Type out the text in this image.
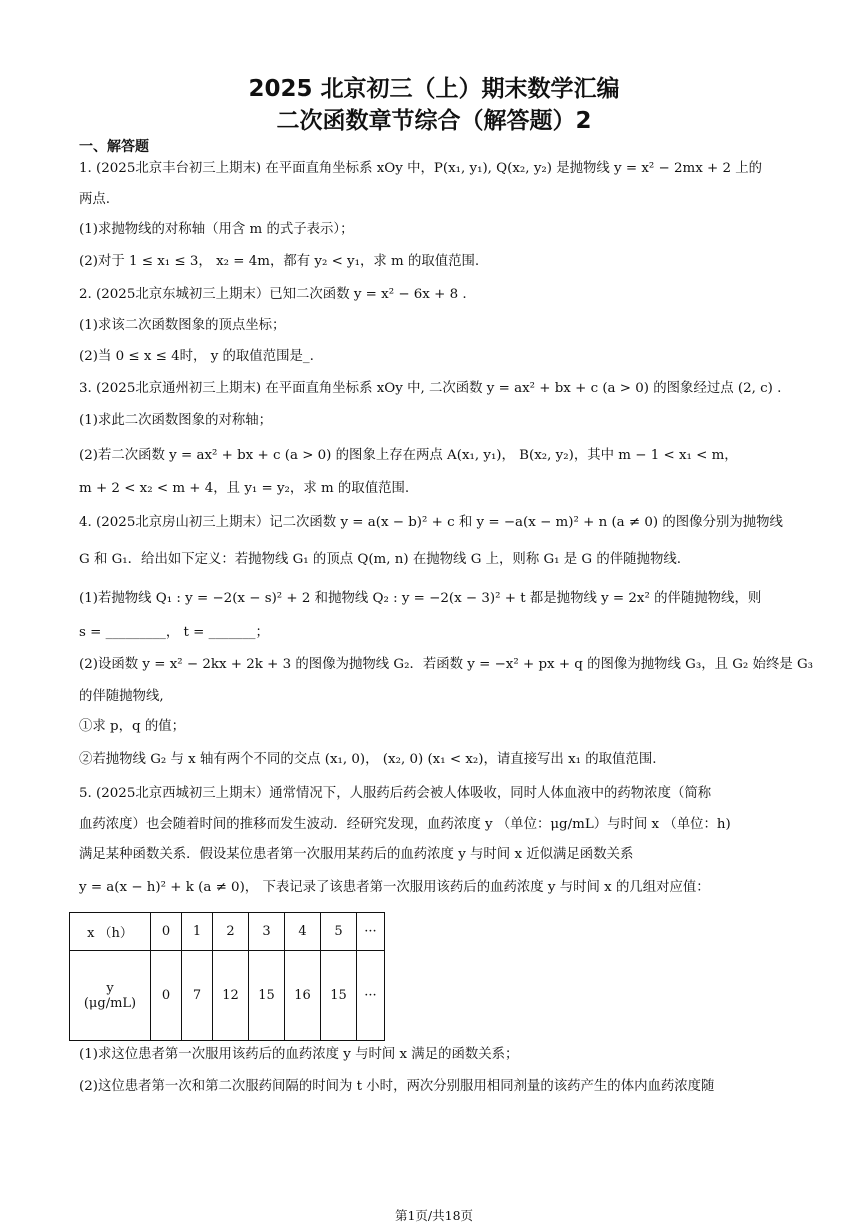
2025 北京初三（上）期末数学汇编
二次函数章节综合（解答题）2
一、解答题
1. (2025北京丰台初三上期末) 在平面直角坐标系 xOy 中，P(x₁, y₁), Q(x₂, y₂) 是抛物线 y = x² − 2mx + 2 上的
两点.
(1)求抛物线的对称轴（用含 m 的式子表示）；
(2)对于 1 ≤ x₁ ≤ 3， x₂ = 4m，都有 y₂ < y₁，求 m 的取值范围.
2. (2025北京东城初三上期末）已知二次函数 y = x² − 6x + 8 .
(1)求该二次函数图象的顶点坐标；
(2)当 0 ≤ x ≤ 4时， y 的取值范围是_.
3. (2025北京通州初三上期末) 在平面直角坐标系 xOy 中, 二次函数 y = ax² + bx + c (a > 0) 的图象经过点 (2, c) .
(1)求此二次函数图象的对称轴；
(2)若二次函数 y = ax² + bx + c (a > 0) 的图象上存在两点 A(x₁, y₁)， B(x₂, y₂)，其中 m − 1 < x₁ < m，
m + 2 < x₂ < m + 4，且 y₁ = y₂，求 m 的取值范围.
4. (2025北京房山初三上期末）记二次函数 y = a(x − b)² + c 和 y = −a(x − m)² + n (a ≠ 0) 的图像分别为抛物线
G 和 G₁．给出如下定义：若抛物线 G₁ 的顶点 Q(m, n) 在抛物线 G 上，则称 G₁ 是 G 的伴随抛物线.
(1)若抛物线 Q₁ : y = −2(x − s)² + 2 和抛物线 Q₂ : y = −2(x − 3)² + t 都是抛物线 y = 2x² 的伴随抛物线，则
s = _________， t = _______；
(2)设函数 y = x² − 2kx + 2k + 3 的图像为抛物线 G₂．若函数 y = −x² + px + q 的图像为抛物线 G₃，且 G₂ 始终是 G₃
的伴随抛物线,
①求 p，q 的值；
②若抛物线 G₂ 与 x 轴有两个不同的交点 (x₁, 0)， (x₂, 0) (x₁ < x₂)，请直接写出 x₁ 的取值范围.
5. (2025北京西城初三上期末）通常情况下，人服药后药会被人体吸收，同时人体血液中的药物浓度（简称
血药浓度）也会随着时间的推移而发生波动．经研究发现，血药浓度 y （单位：μg/mL）与时间 x （单位：h)
满足某种函数关系．假设某位患者第一次服用某药后的血药浓度 y 与时间 x 近似满足函数关系
y = a(x − h)² + k (a ≠ 0)， 下表记录了该患者第一次服用该药后的血药浓度 y 与时间 x 的几组对应值：
x （h）	0	1	2	3	4	5	···
y (μg/mL)	0	7	12	15	16	15	···
(1)求这位患者第一次服用该药后的血药浓度 y 与时间 x 满足的函数关系；
(2)这位患者第一次和第二次服药间隔的时间为 t 小时，两次分别服用相同剂量的该药产生的体内血药浓度随
第1页/共18页
